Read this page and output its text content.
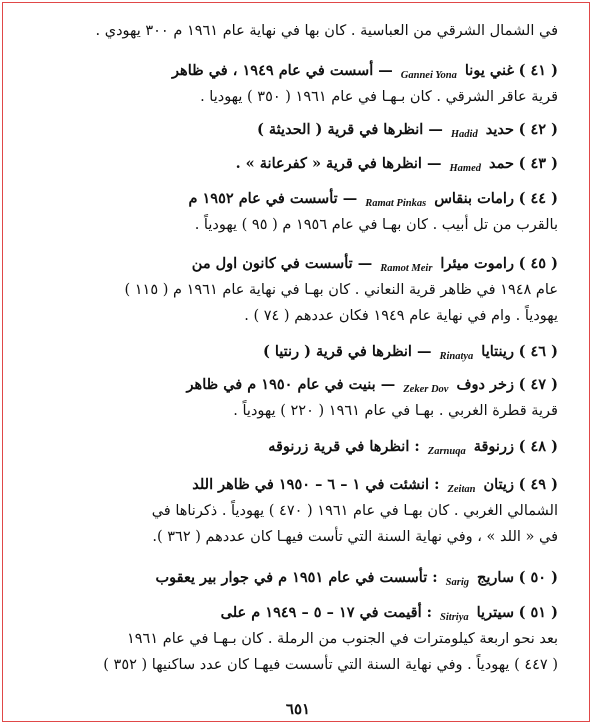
في الشمال الشرقي من العباسية . كان بها في نهاية عام ١٩٦١ م ٣٠٠ يهودي .
( ٤١ ) غني يوناGannei Yona— أسست في عام ١٩٤٩ ، في ظاهر
قرية عاقر الشرقي . كان بـهـا في عام ١٩٦١ ( ٣٥٠ ) يهوديا .
( ٤٢ ) حديدHadid— انظرها في قرية ( الحديثة )
( ٤٣ ) حمدHamed— انظرها في قرية « كفرعانة » .
( ٤٤ ) رامات بنقاسRamat Pinkas— تأسست في عام ١٩٥٢ م
بالقرب من تل أبيب . كان بهـا في عام ١٩٥٦ م ( ٩٥ ) يهودياً .
( ٤٥ ) راموت ميئراRamot Meir— تأسست في كانون اول من
عام ١٩٤٨ في ظاهر قرية النعاني . كان بهـا في نهاية عام ١٩٦١ م ( ١١٥ )
يهودياً . وام في نهاية عام ١٩٤٩ فكان عددهم ( ٧٤ ) .
( ٤٦ ) رينتاياRinatya— انظرها في قرية ( رنتيا )
( ٤٧ ) زخر دوفZeker Dov— بنيت في عام ١٩٥٠ م في ظاهر
قرية قطرة الغربي . بهـا في عام ١٩٦١ ( ٢٢٠ ) يهودياً .
( ٤٨ ) زرنوقةZarnuqa: انظرها في قرية زرنوقه
( ٤٩ ) زيتانZeitan: انشئت في ١ – ٦ – ١٩٥٠ في ظاهر اللد
الشمالي الغربي . كان بهـا في عام ١٩٦١ ( ٤٧٠ ) يهودياً . ذكرناها في
في « اللد » ، وفي نهاية السنة التي تأست فيهـا كان عددهم ( ٣٦٢ ).
( ٥٠ ) ساريجSarig: تأسست في عام ١٩٥١ م في جوار بير يعقوب
( ٥١ ) سيترياSitriya: أقيمت في ١٧ – ٥ – ١٩٤٩ م على
بعد نحو اربعة كيلومترات في الجنوب من الرملة . كان بـهـا في عام ١٩٦١
( ٤٤٧ ) يهودياً . وفي نهاية السنة التي تأسست فيهـا كان عدد ساكنيها ( ٣٥٢ )
٦٥١
